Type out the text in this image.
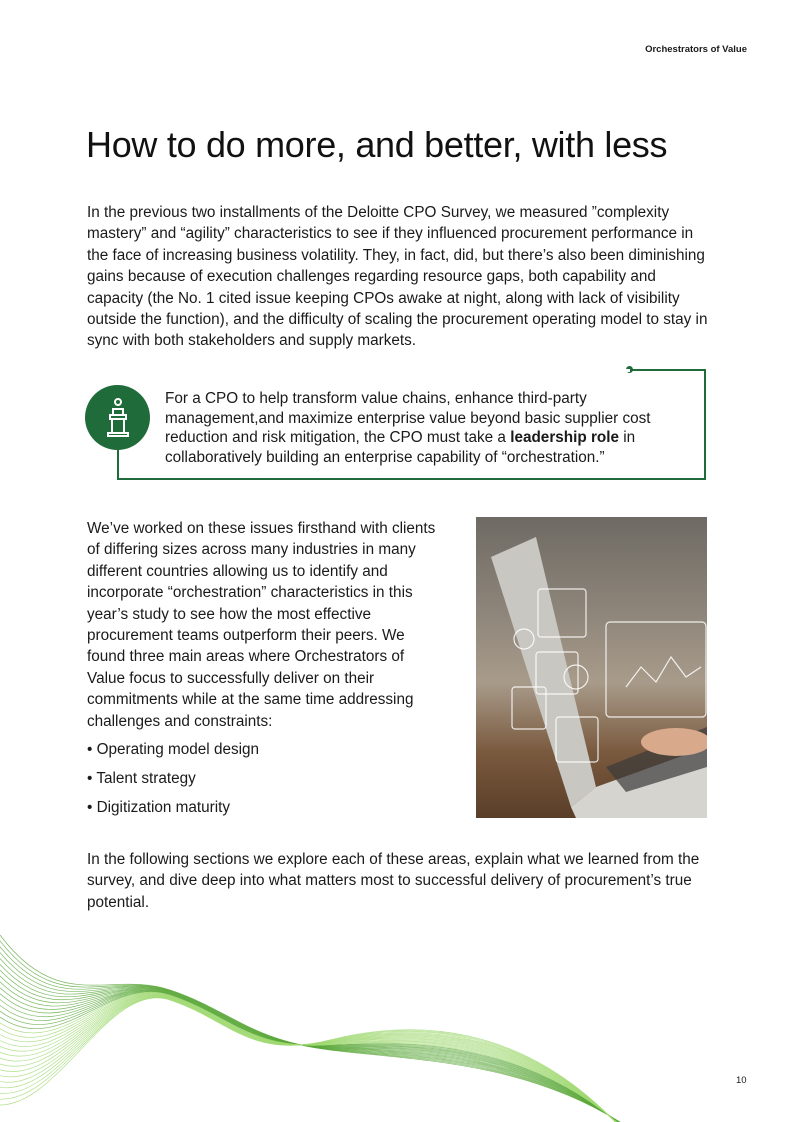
Orchestrators of Value
How to do more, and better, with less

In the previous two installments of the Deloitte CPO Survey, we measured ”complexity mastery” and “agility” characteristics to see if they influenced procurement performance in the face of increasing business volatility. They, in fact, did, but there’s also been diminishing gains because of execution challenges regarding resource gaps, both capability and capacity (the No. 1 cited issue keeping CPOs awake at night, along with lack of visibility outside the function), and the difficulty of scaling the procurement operating model to stay in sync with both stakeholders and supply markets.

For a CPO to help transform value chains, enhance third-party management,and maximize enterprise value beyond basic supplier cost reduction and risk mitigation, the CPO must take a leadership role in collaboratively building an enterprise capability of “orchestration.”

We’ve worked on these issues firsthand with clients of differing sizes across many industries in many different countries allowing us to identify and incorporate “orchestration” characteristics in this year’s study to see how the most effective procurement teams outperform their peers. We found three main areas where Orchestrators of Value focus to successfully deliver on their commitments while at the same time addressing challenges and constraints:

• Operating model design
• Talent strategy
• Digitization maturity

In the following sections we explore each of these areas, explain what we learned from the survey, and dive deep into what matters most to successful delivery of procurement’s true potential.

10
